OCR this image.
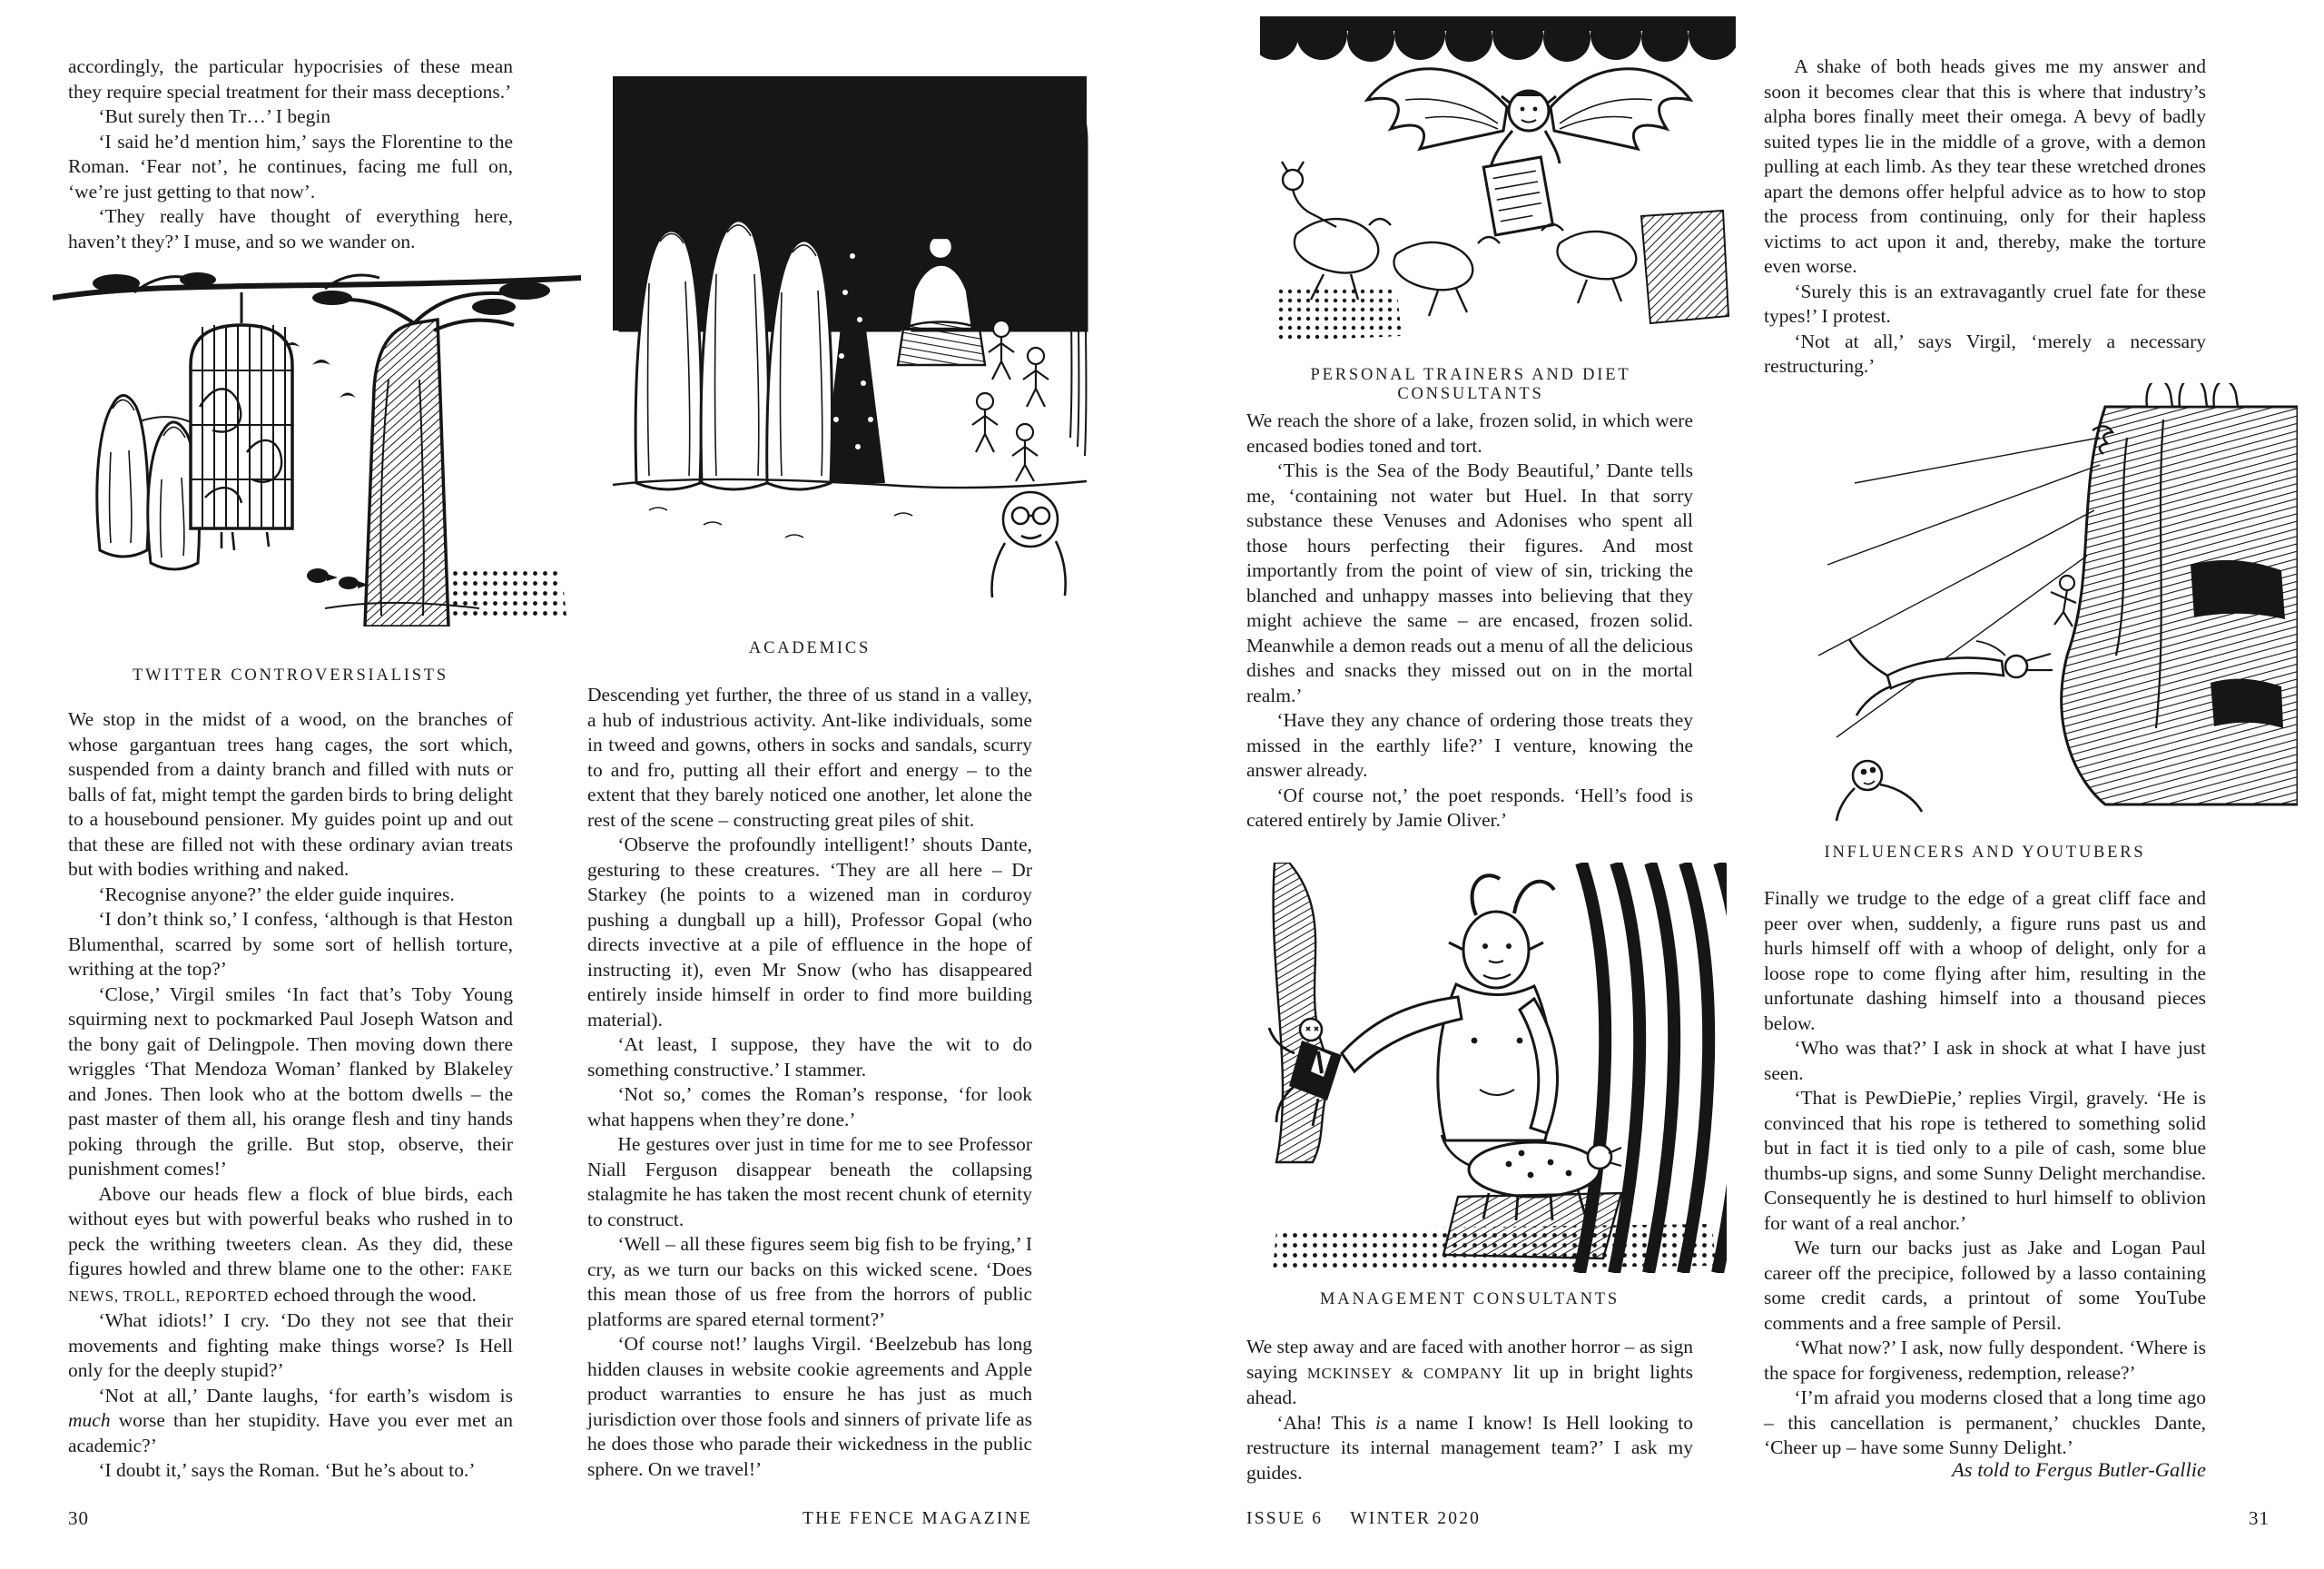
accordingly, the particular hypocrisies of these mean they require special treatment for their mass deceptions.’

‘But surely then Tr…’ I begin

‘I said he’d mention him,’ says the Florentine to the Roman. ‘Fear not’, he continues, facing me full on, ‘we’re just getting to that now’.

‘They really have thought of everything here, haven’t they?’ I muse, and so we wander on.

TWITTER CONTROVERSIALISTS

We stop in the midst of a wood, on the branches of whose gargantuan trees hang cages, the sort which, suspended from a dainty branch and filled with nuts or balls of fat, might tempt the garden birds to bring delight to a housebound pensioner. My guides point up and out that these are filled not with these ordinary avian treats but with bodies writhing and naked.

‘Recognise anyone?’ the elder guide inquires.

‘I don’t think so,’ I confess, ‘although is that Heston Blumenthal, scarred by some sort of hellish torture, writhing at the top?’

‘Close,’ Virgil smiles ‘In fact that’s Toby Young squirming next to pockmarked Paul Joseph Watson and the bony gait of Delingpole. Then moving down there wriggles ‘That Mendoza Woman’ flanked by Blakeley and Jones. Then look who at the bottom dwells – the past master of them all, his orange flesh and tiny hands poking through the grille. But stop, observe, their punishment comes!’

Above our heads flew a flock of blue birds, each without eyes but with powerful beaks who rushed in to peck the writhing tweeters clean. As they did, these figures howled and threw blame one to the other: FAKE NEWS, TROLL, REPORTED echoed through the wood.

‘What idiots!’ I cry. ‘Do they not see that their movements and fighting make things worse? Is Hell only for the deeply stupid?’

‘Not at all,’ Dante laughs, ‘for earth’s wisdom is much worse than her stupidity. Have you ever met an academic?’

‘I doubt it,’ says the Roman. ‘But he’s about to.’

ACADEMICS

Descending yet further, the three of us stand in a valley, a hub of industrious activity. Ant-like individuals, some in tweed and gowns, others in socks and sandals, scurry to and fro, putting all their effort and energy – to the extent that they barely noticed one another, let alone the rest of the scene – constructing great piles of shit.

‘Observe the profoundly intelligent!’ shouts Dante, gesturing to these creatures. ‘They are all here – Dr Starkey (he points to a wizened man in corduroy pushing a dungball up a hill), Professor Gopal (who directs invective at a pile of effluence in the hope of instructing it), even Mr Snow (who has disappeared entirely inside himself in order to find more building material).

‘At least, I suppose, they have the wit to do something constructive.’ I stammer.

‘Not so,’ comes the Roman’s response, ‘for look what happens when they’re done.’

He gestures over just in time for me to see Professor Niall Ferguson disappear beneath the collapsing stalagmite he has taken the most recent chunk of eternity to construct.

‘Well – all these figures seem big fish to be frying,’ I cry, as we turn our backs on this wicked scene. ‘Does this mean those of us free from the horrors of public platforms are spared eternal torment?’

‘Of course not!’ laughs Virgil. ‘Beelzebub has long hidden clauses in website cookie agreements and Apple product warranties to ensure he has just as much jurisdiction over those fools and sinners of private life as he does those who parade their wickedness in the public sphere. On we travel!’

30	THE FENCE MAGAZINE
PERSONAL TRAINERS AND DIET CONSULTANTS

We reach the shore of a lake, frozen solid, in which were encased bodies toned and tort.

‘This is the Sea of the Body Beautiful,’ Dante tells me, ‘containing not water but Huel. In that sorry substance these Venuses and Adonises who spent all those hours perfecting their figures. And most importantly from the point of view of sin, tricking the blanched and unhappy masses into believing that they might achieve the same – are encased, frozen solid. Meanwhile a demon reads out a menu of all the delicious dishes and snacks they missed out on in the mortal realm.’

‘Have they any chance of ordering those treats they missed in the earthly life?’ I venture, knowing the answer already.

‘Of course not,’ the poet responds. ‘Hell’s food is catered entirely by Jamie Oliver.’

MANAGEMENT CONSULTANTS

We step away and are faced with another horror – as sign saying MCKINSEY & COMPANY lit up in bright lights ahead.

‘Aha! This is a name I know! Is Hell looking to restructure its internal management team?’ I ask my guides.

A shake of both heads gives me my answer and soon it becomes clear that this is where that industry’s alpha bores finally meet their omega. A bevy of badly suited types lie in the middle of a grove, with a demon pulling at each limb. As they tear these wretched drones apart the demons offer helpful advice as to how to stop the process from continuing, only for their hapless victims to act upon it and, thereby, make the torture even worse.

‘Surely this is an extravagantly cruel fate for these types!’ I protest.

‘Not at all,’ says Virgil, ‘merely a necessary restructuring.’

INFLUENCERS AND YOUTUBERS

Finally we trudge to the edge of a great cliff face and peer over when, suddenly, a figure runs past us and hurls himself off with a whoop of delight, only for a loose rope to come flying after him, resulting in the unfortunate dashing himself into a thousand pieces below.

‘Who was that?’ I ask in shock at what I have just seen.

‘That is PewDiePie,’ replies Virgil, gravely. ‘He is convinced that his rope is tethered to something solid but in fact it is tied only to a pile of cash, some blue thumbs-up signs, and some Sunny Delight merchandise. Consequently he is destined to hurl himself to oblivion for want of a real anchor.’

We turn our backs just as Jake and Logan Paul career off the precipice, followed by a lasso containing some credit cards, a printout of some YouTube comments and a free sample of Persil.

‘What now?’ I ask, now fully despondent. ‘Where is the space for forgiveness, redemption, release?’

‘I’m afraid you moderns closed that a long time ago – this cancellation is permanent,’ chuckles Dante, ‘Cheer up – have some Sunny Delight.’

As told to Fergus Butler-Gallie
ISSUE 6 WINTER 2020	31
